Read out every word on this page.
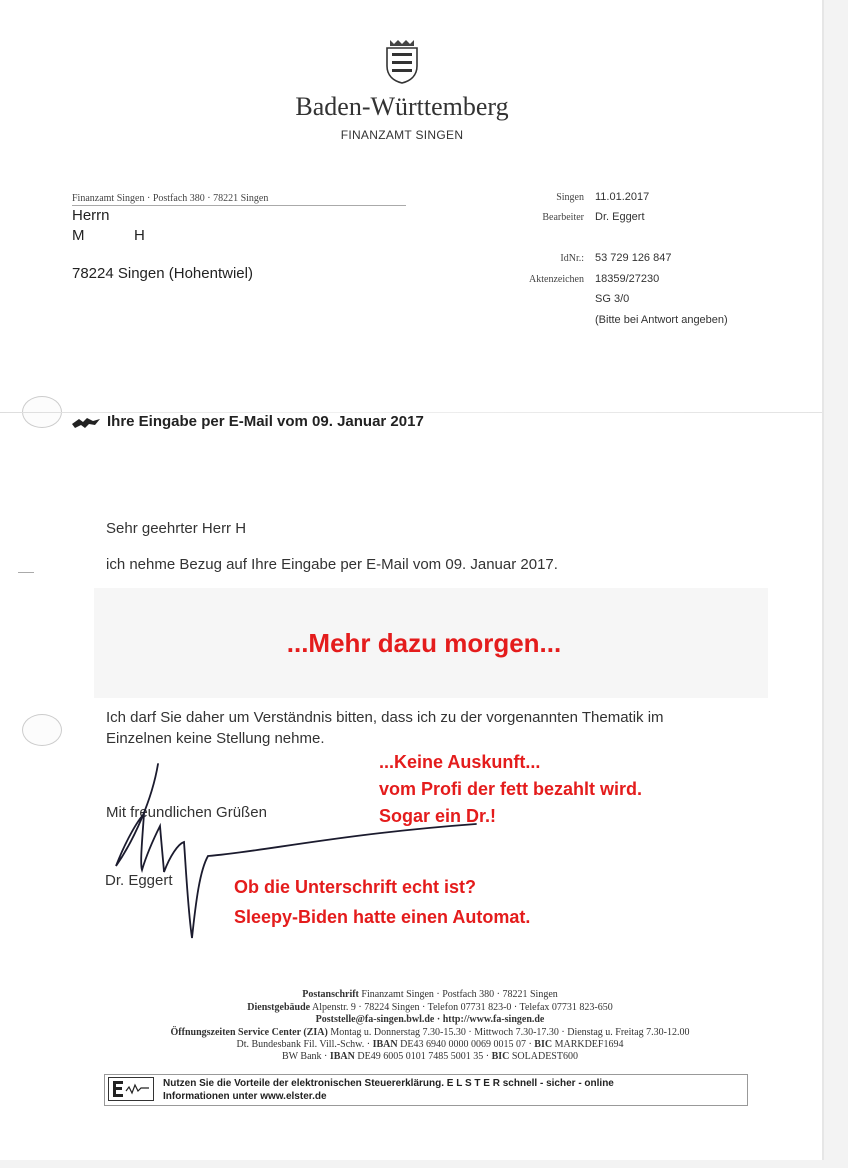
Baden-Württemberg
FINANZAMT SINGEN
Finanzamt Singen · Postfach 380 · 78221 Singen
Herrn
M	H
78224 Singen (Hohentwiel)
Singen 11.01.2017
Bearbeiter Dr. Eggert
IdNr.: 53 729 126 847
Aktenzeichen 18359/27230
SG 3/0
(Bitte bei Antwort angeben)
Ihre Eingabe per E-Mail vom 09. Januar 2017
Sehr geehrter Herr H
ich nehme Bezug auf Ihre Eingabe per E-Mail vom 09. Januar 2017.
...Mehr dazu morgen...
Ich darf Sie daher um Verständnis bitten, dass ich zu der vorgenannten Thematik im
Einzelnen keine Stellung nehme.
...Keine Auskunft...
vom Profi der fett bezahlt wird.
Sogar ein Dr.!
Mit freundlichen Grüßen
Dr. Eggert	Ob die Unterschrift echt ist?
Sleepy-Biden hatte einen Automat.
Postanschrift Finanzamt Singen · Postfach 380 · 78221 Singen
Dienstgebäude Alpenstr. 9 · 78224 Singen · Telefon 07731 823-0 · Telefax 07731 823-650
Poststelle@fa-singen.bwl.de · http://www.fa-singen.de
Öffnungszeiten Service Center (ZIA) Montag u. Donnerstag 7.30-15.30 · Mittwoch 7.30-17.30 · Dienstag u. Freitag 7.30-12.00
Dt. Bundesbank Fil. Vill.-Schw. · IBAN DE43 6940 0000 0069 0015 07 · BIC MARKDEF1694
BW Bank · IBAN DE49 6005 0101 7485 5001 35 · BIC SOLADEST600
Nutzen Sie die Vorteile der elektronischen Steuererklärung. E L S T E R schnell - sicher - online
Informationen unter www.elster.de
